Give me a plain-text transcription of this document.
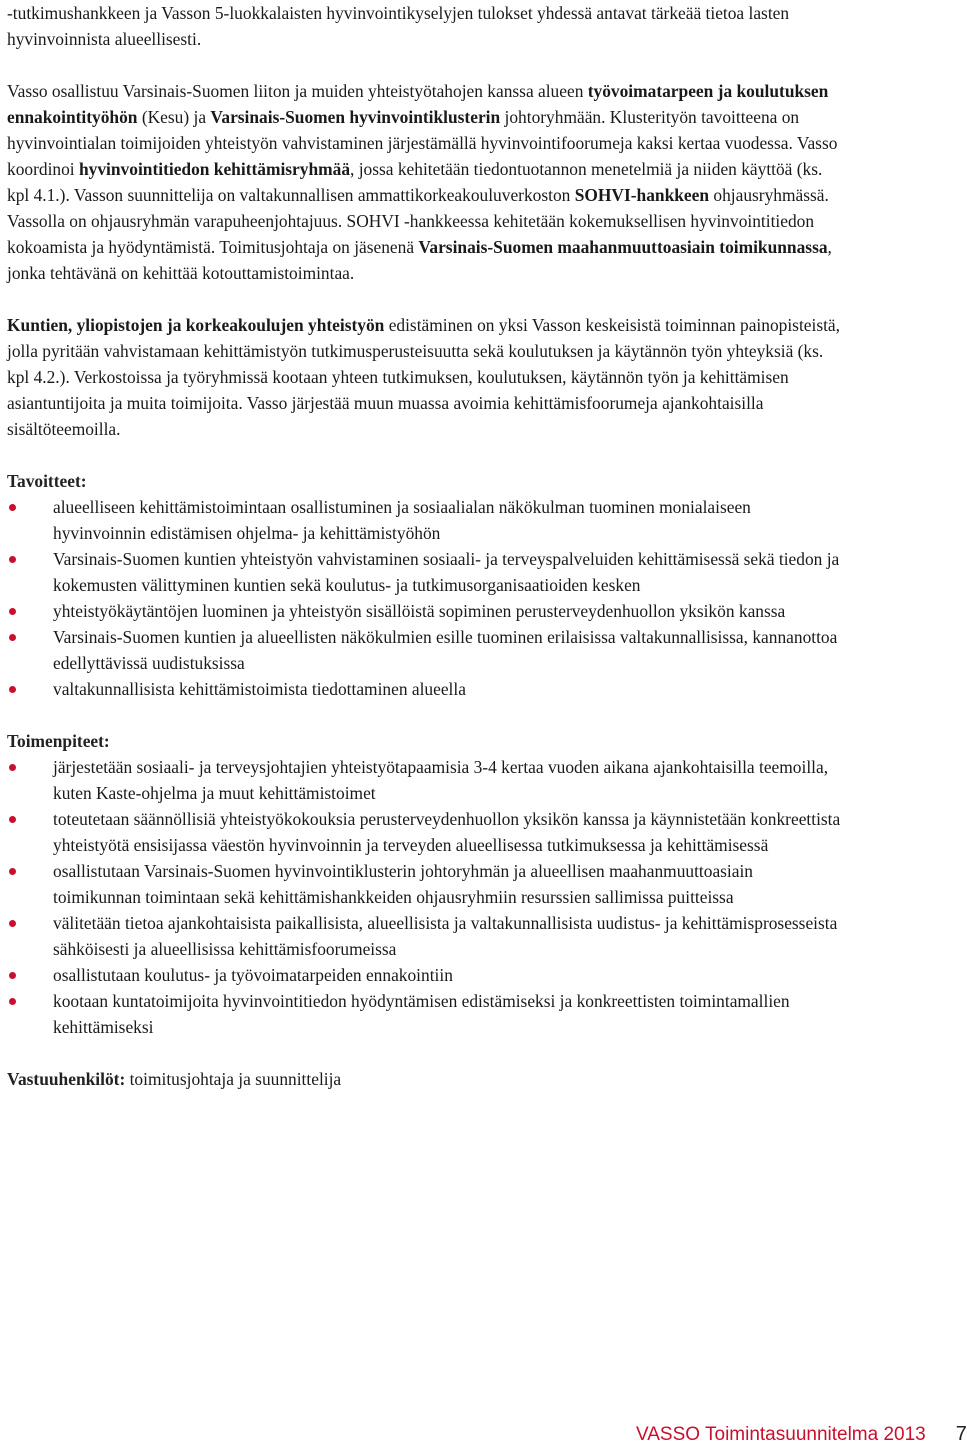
-tutkimushankkeen ja Vasson 5-luokkalaisten hyvinvointikyselyjen tulokset yhdessä antavat tärkeää tietoa lasten hyvinvoinnista alueellisesti.

Vasso osallistuu Varsinais-Suomen liiton ja muiden yhteistyötahojen kanssa alueen työvoimatarpeen ja koulutuksen ennakointityöhön (Kesu) ja Varsinais-Suomen hyvinvointiklusterin johtoryhmään. Klusterityön tavoitteena on hyvinvointialan toimijoiden yhteistyön vahvistaminen järjestämällä hyvinvointifoorumeja kaksi kertaa vuodessa. Vasso koordinoi hyvinvointitiedon kehittämisryhmää, jossa kehitetään tiedontuotannon menetelmiä ja niiden käyttöä (ks. kpl 4.1.). Vasson suunnittelija on valtakunnallisen ammattikorkeakouluverkoston SOHVI-hankkeen ohjausryhmässä. Vassolla on ohjausryhmän varapuheenjohtajuus. SOHVI -hankkeessa kehitetään kokemuksellisen hyvinvointitiedon kokoamista ja hyödyntämistä. Toimitusjohtaja on jäsenenä Varsinais-Suomen maahanmuuttoasiain toimikunnassa, jonka tehtävänä on kehittää kotouttamistoimintaa.

Kuntien, yliopistojen ja korkeakoulujen yhteistyön edistäminen on yksi Vasson keskeisistä toiminnan painopisteistä, jolla pyritään vahvistamaan kehittämistyön tutkimusperusteisuutta sekä koulutuksen ja käytännön työn yhteyksiä (ks. kpl 4.2.). Verkostoissa ja työryhmissä kootaan yhteen tutkimuksen, koulutuksen, käytännön työn ja kehittämisen asiantuntijoita ja muita toimijoita. Vasso järjestää muun muassa avoimia kehittämisfoorumeja ajankohtaisilla sisältöteemoilla.

Tavoitteet:

alueelliseen kehittämistoimintaan osallistuminen ja sosiaalialan näkökulman tuominen monialaiseen hyvinvoinnin edistämisen ohjelma- ja kehittämistyöhön
Varsinais-Suomen kuntien yhteistyön vahvistaminen sosiaali- ja terveyspalveluiden kehittämisessä sekä tiedon ja kokemusten välittyminen kuntien sekä koulutus- ja tutkimusorganisaatioiden kesken
yhteistyökäytäntöjen luominen ja yhteistyön sisällöistä sopiminen perusterveydenhuollon yksikön kanssa
Varsinais-Suomen kuntien ja alueellisten näkökulmien esille tuominen erilaisissa valtakunnallisissa, kannanottoa edellyttävissä uudistuksissa
valtakunnallisista kehittämistoimista tiedottaminen alueella

Toimenpiteet:

järjestetään sosiaali- ja terveysjohtajien yhteistyötapaamisia 3-4 kertaa vuoden aikana ajankohtaisilla teemoilla, kuten Kaste-ohjelma ja muut kehittämistoimet
toteutetaan säännöllisiä yhteistyökokouksia perusterveydenhuollon yksikön kanssa ja käynnistetään konkreettista yhteistyötä ensisijassa väestön hyvinvoinnin ja terveyden alueellisessa tutkimuksessa ja kehittämisessä
osallistutaan Varsinais-Suomen hyvinvointiklusterin johtoryhmän ja alueellisen maahanmuuttoasiain toimikunnan toimintaan sekä kehittämishankkeiden ohjausryhmiin resurssien sallimissa puitteissa
välitetään tietoa ajankohtaisista paikallisista, alueellisista ja valtakunnallisista uudistus- ja kehittämisprosesseista sähköisesti ja alueellisissa kehittämisfoorumeissa
osallistutaan koulutus- ja työvoimatarpeiden ennakointiin
kootaan kuntatoimijoita hyvinvointitiedon hyödyntämisen edistämiseksi ja konkreettisten toimintamallien kehittämiseksi

Vastuuhenkilöt: toimitusjohtaja ja suunnittelija

VASSO Toimintasuunnitelma 2013 7
